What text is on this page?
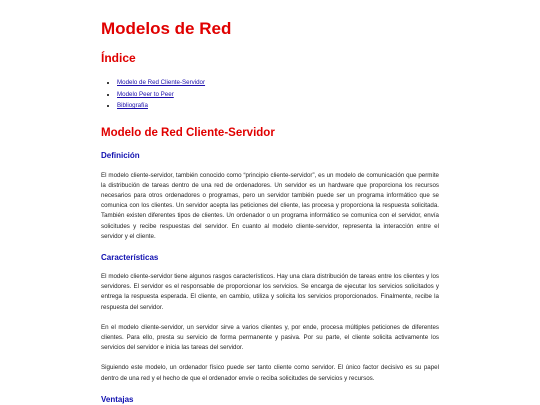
Modelos de Red
Índice
• Modelo de Red Cliente-Servidor
• Modelo Peer to Peer
• Bibliografía
Modelo de Red Cliente-Servidor
Definición

El modelo cliente-servidor, también conocido como “principio cliente-servidor”, es un modelo de comunicación que permite la distribución de tareas dentro de una red de ordenadores. Un servidor es un hardware que proporciona los recursos necesarios para otros ordenadores o programas, pero un servidor también puede ser un programa informático que se comunica con los clientes. Un servidor acepta las peticiones del cliente, las procesa y proporciona la respuesta solicitada. También existen diferentes tipos de clientes. Un ordenador o un programa informático se comunica con el servidor, envía solicitudes y recibe respuestas del servidor. En cuanto al modelo cliente-servidor, representa la interacción entre el servidor y el cliente.

Características

El modelo cliente-servidor tiene algunos rasgos característicos. Hay una clara distribución de tareas entre los clientes y los servidores. El servidor es el responsable de proporcionar los servicios. Se encarga de ejecutar los servicios solicitados y entrega la respuesta esperada. El cliente, en cambio, utiliza y solicita los servicios proporcionados. Finalmente, recibe la respuesta del servidor.

En el modelo cliente-servidor, un servidor sirve a varios clientes y, por ende, procesa múltiples peticiones de diferentes clientes. Para ello, presta su servicio de forma permanente y pasiva. Por su parte, el cliente solicita activamente los servicios del servidor e inicia las tareas del servidor.

Siguiendo este modelo, un ordenador físico puede ser tanto cliente como servidor. El único factor decisivo es su papel dentro de una red y el hecho de que el ordenador envíe o reciba solicitudes de servicios y recursos.

Ventajas
